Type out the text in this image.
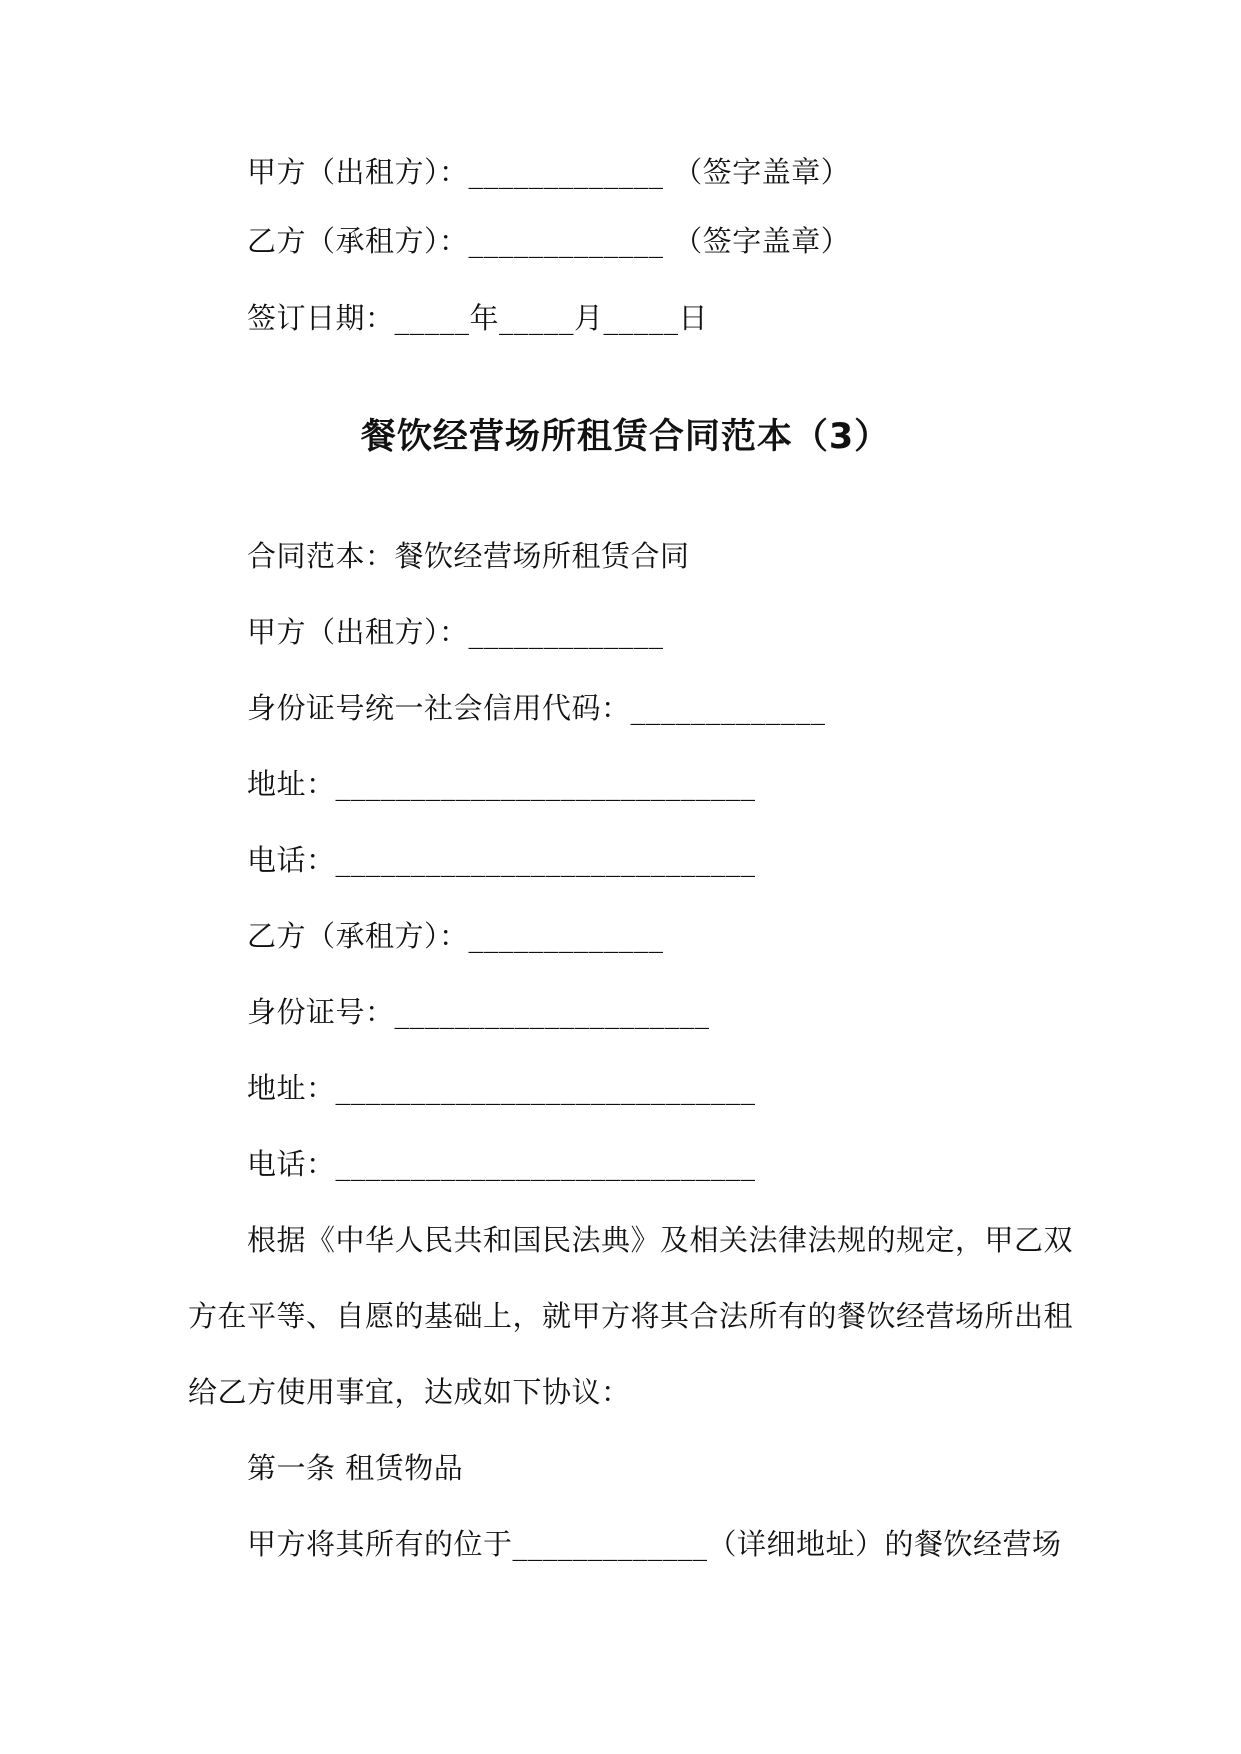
甲方（出租方）：_____________ （签字盖章）
乙方（承租方）：_____________ （签字盖章）
签订日期：_____年_____月_____日
餐饮经营场所租赁合同范本（3）
合同范本：餐饮经营场所租赁合同
甲方（出租方）：_____________
身份证号统一社会信用代码：_____________
地址：____________________________
电话：____________________________
乙方（承租方）：_____________
身份证号：_____________________
地址：____________________________
电话：____________________________
根据《中华人民共和国民法典》及相关法律法规的规定，甲乙双
方在平等、自愿的基础上，就甲方将其合法所有的餐饮经营场所出租
给乙方使用事宜，达成如下协议：
第一条 租赁物品
甲方将其所有的位于_____________（详细地址）的餐饮经营场
